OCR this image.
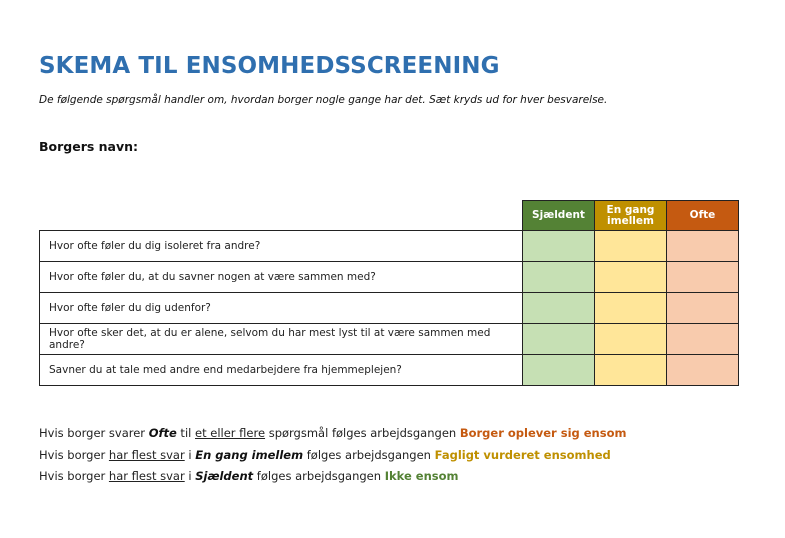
SKEMA TIL ENSOMHEDSSCREENING
De følgende spørgsmål handler om, hvordan borger nogle gange har det. Sæt kryds ud for hver besvarelse.
Borgers navn:
	Sjældent	En gang imellem	Ofte
Hvor ofte føler du dig isoleret fra andre?			
Hvor ofte føler du, at du savner nogen at være sammen med?			
Hvor ofte føler du dig udenfor?			
Hvor ofte sker det, at du er alene, selvom du har mest lyst til at være sammen med andre?			
Savner du at tale med andre end medarbejdere fra hjemmeplejen?			
Hvis borger svarer Ofte til et eller flere spørgsmål følges arbejdsgangen Borger oplever sig ensom
Hvis borger har flest svar i En gang imellem følges arbejdsgangen Fagligt vurderet ensomhed
Hvis borger har flest svar i Sjældent følges arbejdsgangen Ikke ensom
